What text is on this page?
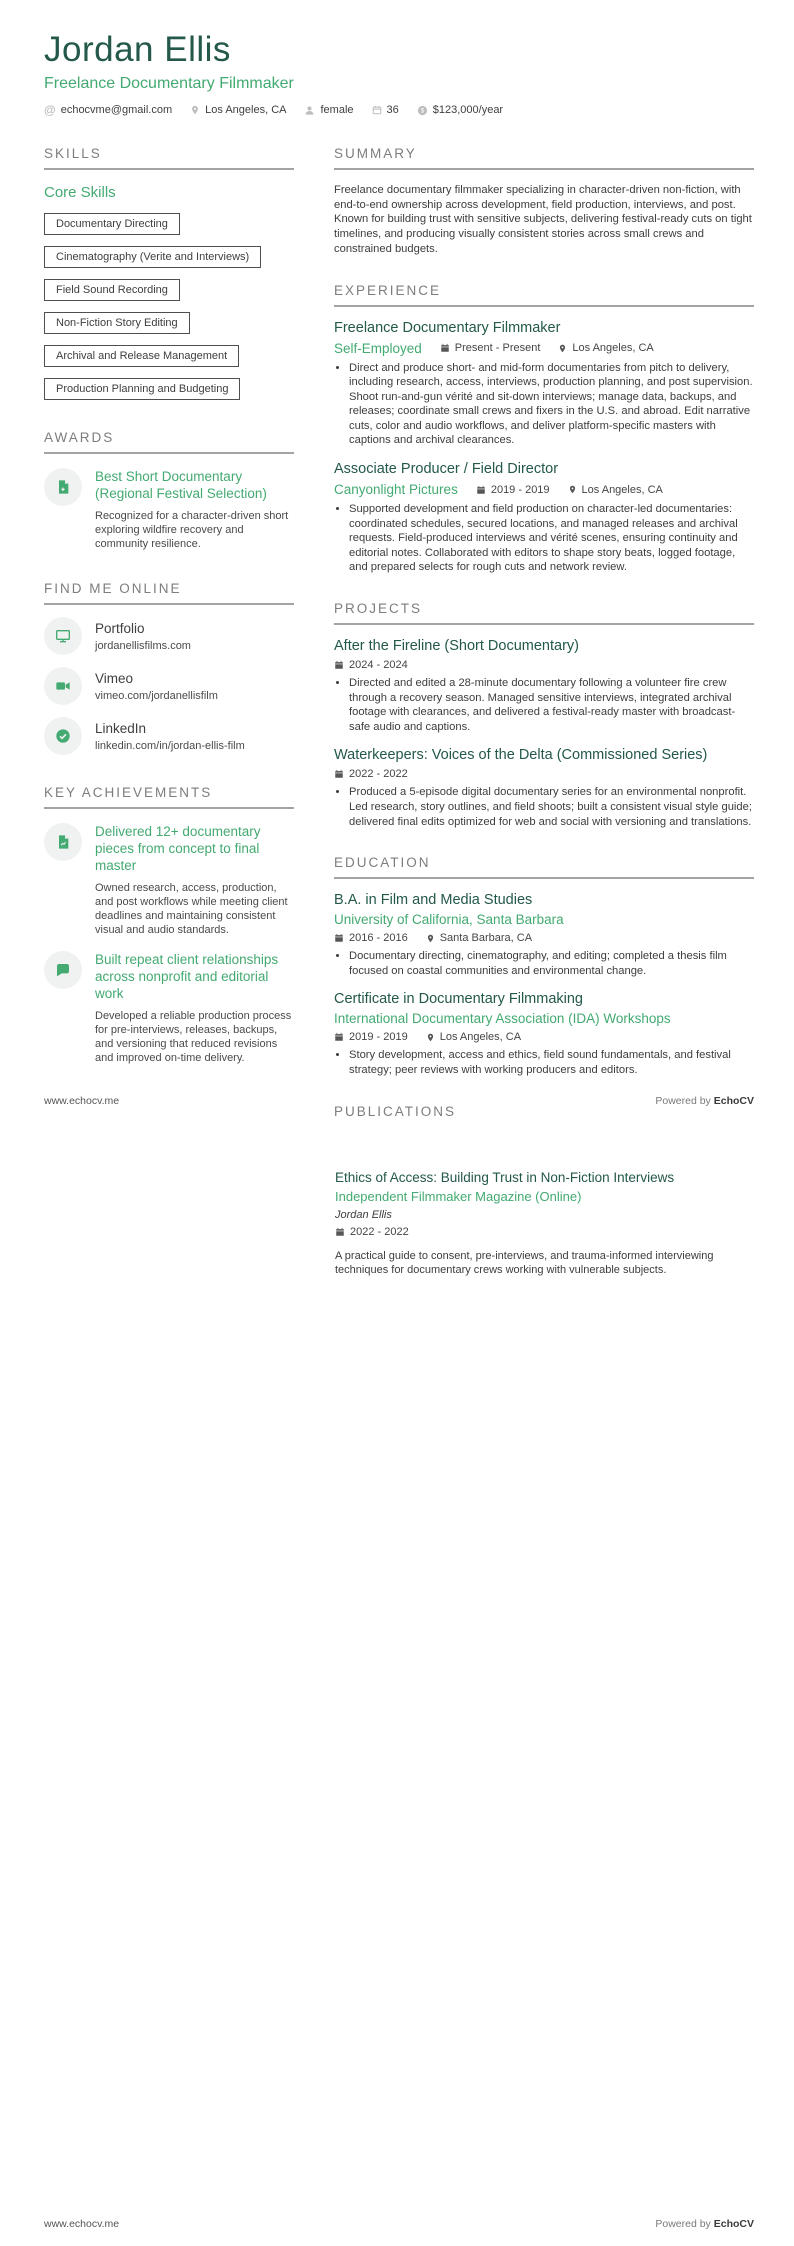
Jordan Ellis
Freelance Documentary Filmmaker
@ echocvme@gmail.com	Los Angeles, CA	female	36 $ $123,000/year
SKILLS
Core Skills
Documentary Directing
Cinematography (Verite and Interviews)
Field Sound Recording
Non-Fiction Story Editing
Archival and Release Management
Production Planning and Budgeting
AWARDS
Best Short Documentary (Regional Festival Selection)
Recognized for a character-driven short exploring wildfire recovery and community resilience.
FIND ME ONLINE
Portfolio
jordanellisfilms.com
Vimeo
vimeo.com/jordanellisfilm
LinkedIn
linkedin.com/in/jordan-ellis-film
KEY ACHIEVEMENTS
Delivered 12+ documentary pieces from concept to final master
Owned research, access, production, and post workflows while meeting client deadlines and maintaining consistent visual and audio standards.
Built repeat client relationships across nonprofit and editorial work
Developed a reliable production process for pre-interviews, releases, backups, and versioning that reduced revisions and improved on-time delivery.
SUMMARY
Freelance documentary filmmaker specializing in character-driven non-fiction, with end-to-end ownership across development, field production, interviews, and post. Known for building trust with sensitive subjects, delivering festival-ready cuts on tight timelines, and producing visually consistent stories across small crews and constrained budgets.
EXPERIENCE
Freelance Documentary Filmmaker
Self-Employed	Present - Present	Los Angeles, CA
• Direct and produce short- and mid-form documentaries from pitch to delivery, including research, access, interviews, production planning, and post supervision. Shoot run-and-gun vérité and sit-down interviews; manage data, backups, and releases; coordinate small crews and fixers in the U.S. and abroad. Edit narrative cuts, color and audio workflows, and deliver platform-specific masters with captions and archival clearances.
Associate Producer / Field Director
Canyonlight Pictures	2019 - 2019	Los Angeles, CA
• Supported development and field production on character-led documentaries: coordinated schedules, secured locations, and managed releases and archival requests. Field-produced interviews and vérité scenes, ensuring continuity and editorial notes. Collaborated with editors to shape story beats, logged footage, and prepared selects for rough cuts and network review.
PROJECTS
After the Fireline (Short Documentary)
2024 - 2024
• Directed and edited a 28-minute documentary following a volunteer fire crew through a recovery season. Managed sensitive interviews, integrated archival footage with clearances, and delivered a festival-ready master with broadcast-safe audio and captions.
Waterkeepers: Voices of the Delta (Commissioned Series)
2022 - 2022
• Produced a 5-episode digital documentary series for an environmental nonprofit. Led research, story outlines, and field shoots; built a consistent visual style guide; delivered final edits optimized for web and social with versioning and translations.
EDUCATION
B.A. in Film and Media Studies
University of California, Santa Barbara
2016 - 2016	Santa Barbara, CA
• Documentary directing, cinematography, and editing; completed a thesis film focused on coastal communities and environmental change.
Certificate in Documentary Filmmaking
International Documentary Association (IDA) Workshops
2019 - 2019	Los Angeles, CA
• Story development, access and ethics, field sound fundamentals, and festival strategy; peer reviews with working producers and editors.
PUBLICATIONS
www.echocv.me	Powered by EchoCV
Ethics of Access: Building Trust in Non-Fiction Interviews
Independent Filmmaker Magazine (Online)
Jordan Ellis
2022 - 2022
A practical guide to consent, pre-interviews, and trauma-informed interviewing techniques for documentary crews working with vulnerable subjects.
www.echocv.me	Powered by EchoCV
